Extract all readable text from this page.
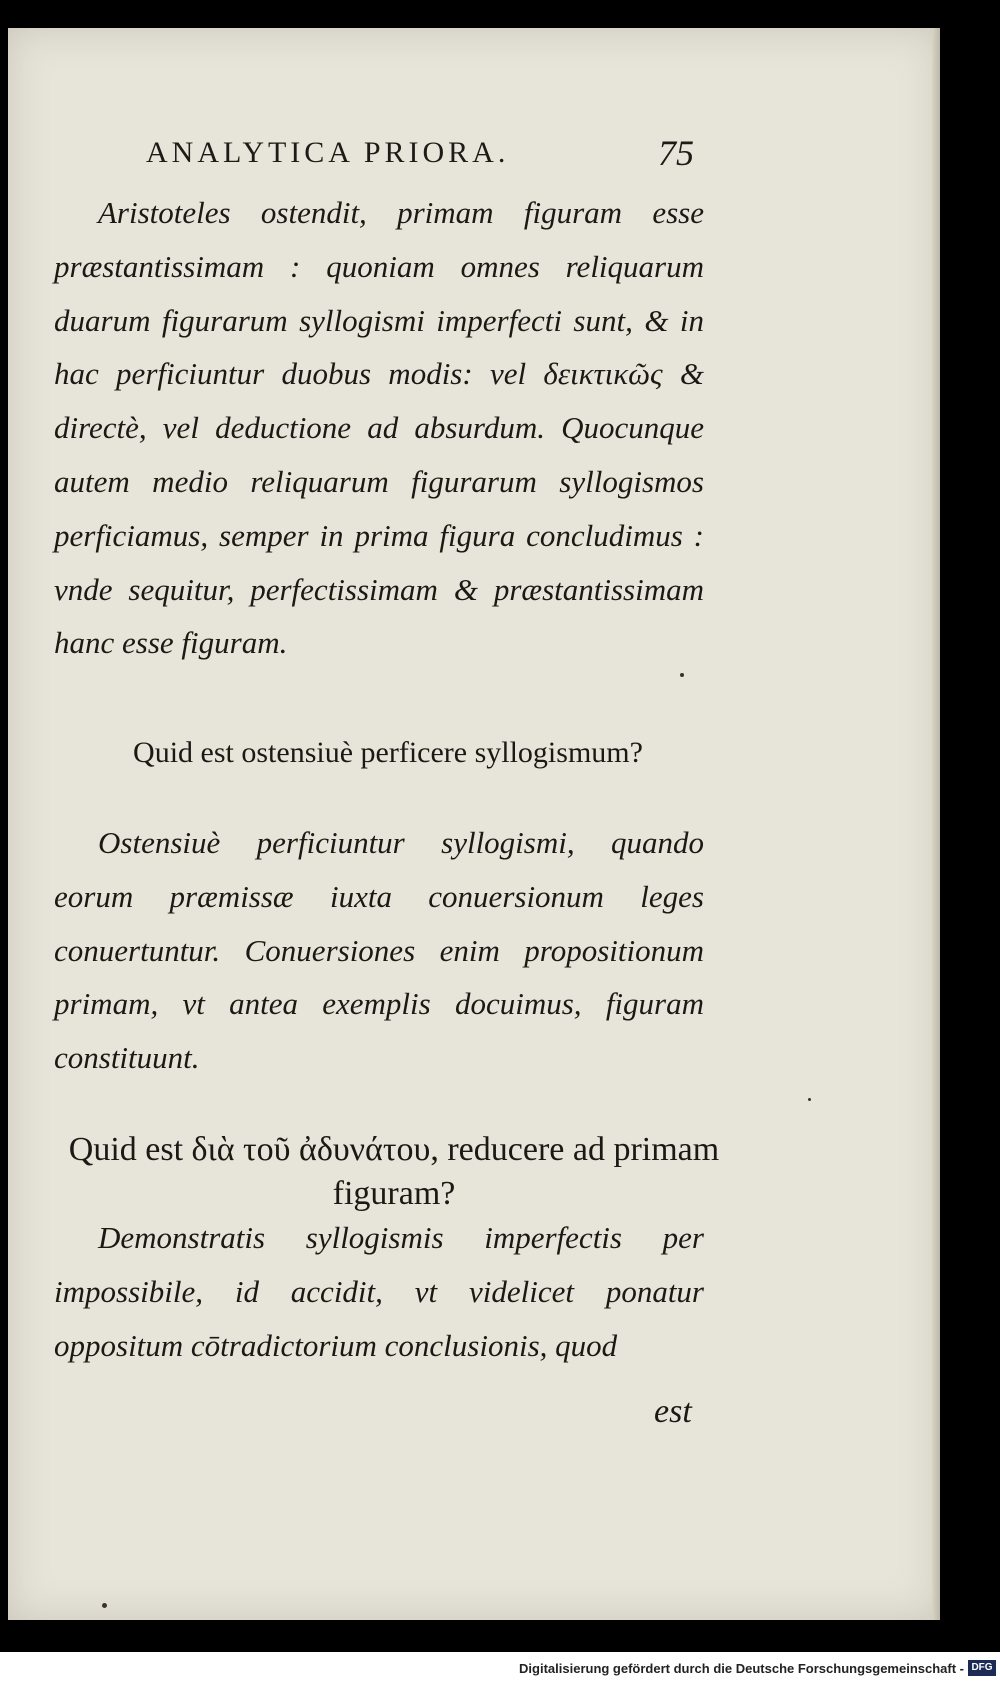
ANALYTICA PRIORA.	75

Aristoteles ostendit, primam figuram esse præstantissimam : quoniam omnes reliquarum duarum figurarum syllogismi imperfecti sunt, & in hac perficiuntur duobus modis: vel δεικτικῶς & directè, vel deductione ad absurdum. Quocunque autem medio reliquarum figurarum syllogismos perficiamus, semper in prima figura concludimus : vnde sequitur, perfectissimam & præstantissimam hanc esse figuram.

Quid est ostensiuè perficere syllogismum?

Ostensiuè perficiuntur syllogismi, quando eorum præmissæ iuxta conuersionum leges conuertuntur. Conuersiones enim propositionum primam, vt antea exemplis docuimus, figuram constituunt.

Quid est διὰ τοῦ ἀδυνάτου, reducere ad primam figuram?

Demonstratis syllogismis imperfectis per impossibile, id accidit, vt videlicet ponatur oppositum cōtradictorium conclusionis, quod

est
Digitalisierung gefördert durch die Deutsche Forschungsgemeinschaft - DFG
